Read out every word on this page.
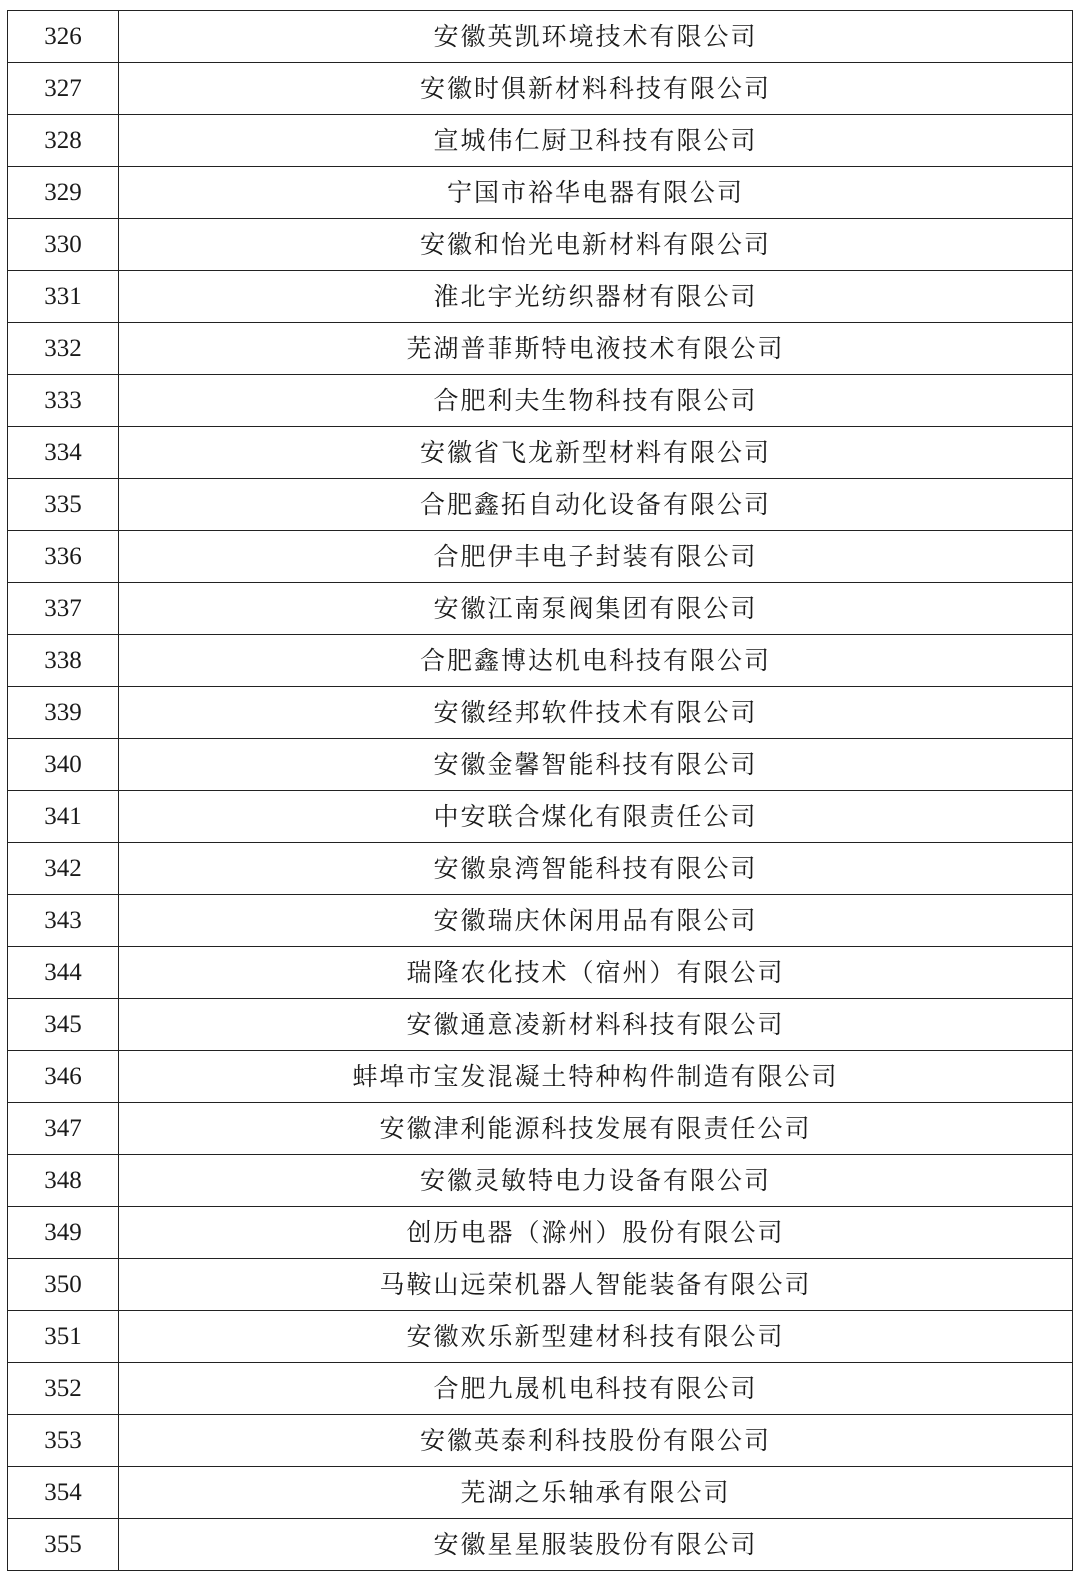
326	安徽英凯环境技术有限公司
327	安徽时俱新材料科技有限公司
328	宣城伟仁厨卫科技有限公司
329	宁国市裕华电器有限公司
330	安徽和怡光电新材料有限公司
331	淮北宇光纺织器材有限公司
332	芜湖普菲斯特电液技术有限公司
333	合肥利夫生物科技有限公司
334	安徽省飞龙新型材料有限公司
335	合肥鑫拓自动化设备有限公司
336	合肥伊丰电子封装有限公司
337	安徽江南泵阀集团有限公司
338	合肥鑫博达机电科技有限公司
339	安徽经邦软件技术有限公司
340	安徽金馨智能科技有限公司
341	中安联合煤化有限责任公司
342	安徽泉湾智能科技有限公司
343	安徽瑞庆休闲用品有限公司
344	瑞隆农化技术（宿州）有限公司
345	安徽通意凌新材料科技有限公司
346	蚌埠市宝发混凝土特种构件制造有限公司
347	安徽津利能源科技发展有限责任公司
348	安徽灵敏特电力设备有限公司
349	创历电器（滁州）股份有限公司
350	马鞍山远荣机器人智能装备有限公司
351	安徽欢乐新型建材科技有限公司
352	合肥九晟机电科技有限公司
353	安徽英泰利科技股份有限公司
354	芜湖之乐轴承有限公司
355	安徽星星服装股份有限公司
